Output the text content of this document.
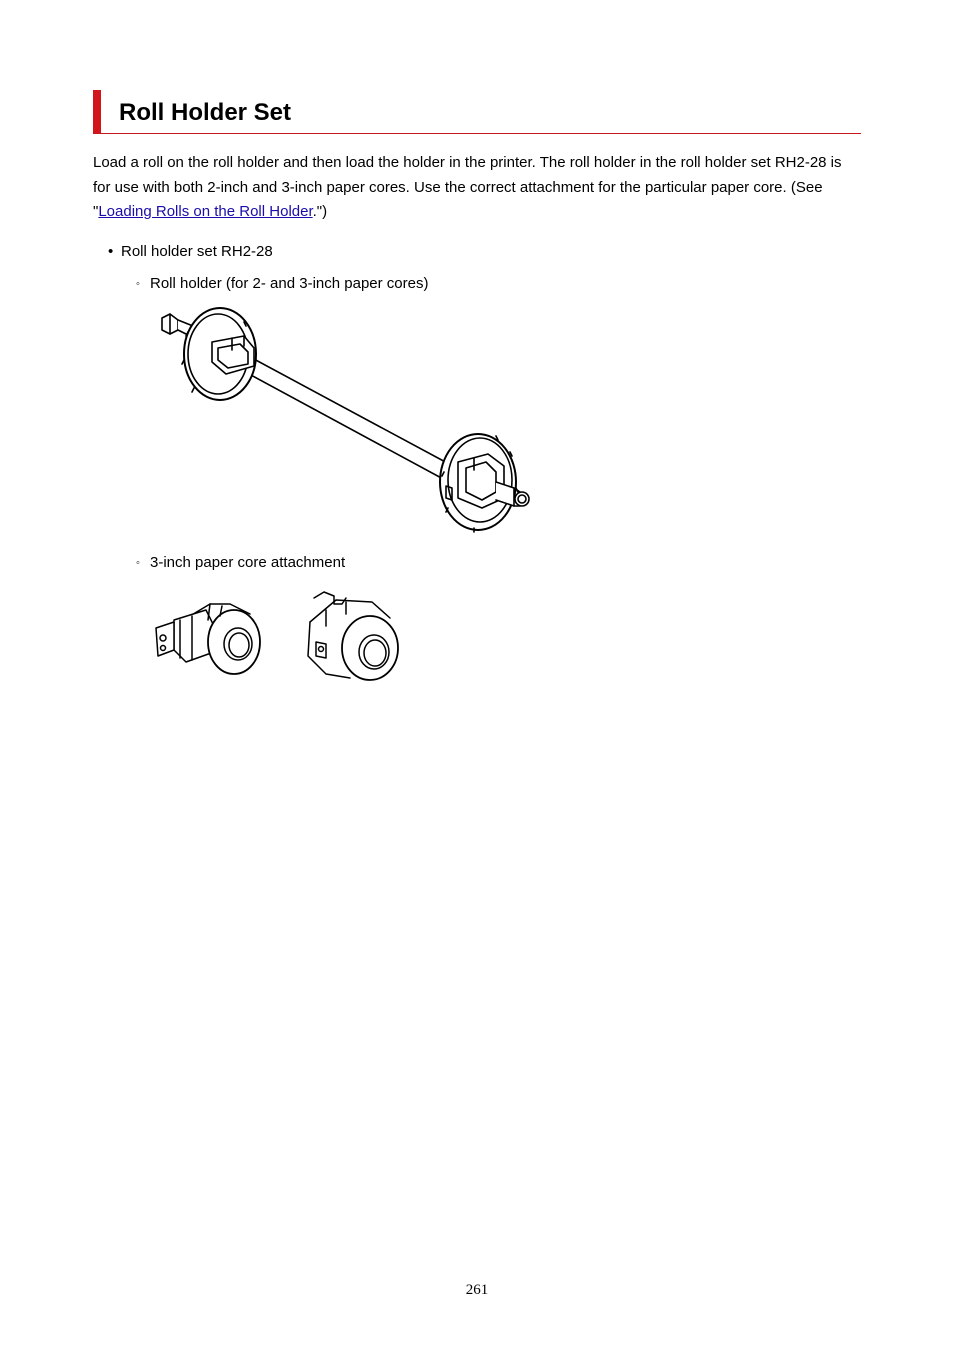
Roll Holder Set

Load a roll on the roll holder and then load the holder in the printer. The roll holder in the roll holder set RH2-28 is for use with both 2-inch and 3-inch paper cores. Use the correct attachment for the particular paper core. (See "Loading Rolls on the Roll Holder.")

• Roll holder set RH2-28
◦ Roll holder (for 2- and 3-inch paper cores)
◦ 3-inch paper core attachment
261
